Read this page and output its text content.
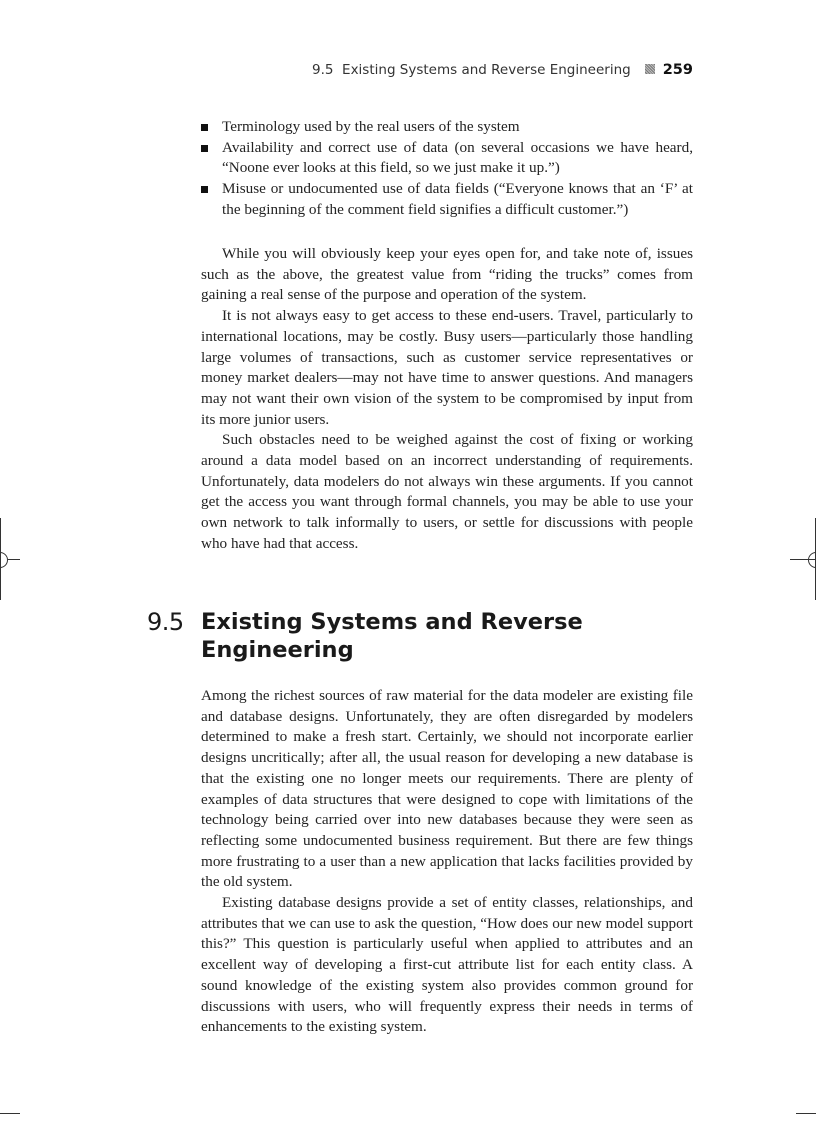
9.5  Existing Systems and Reverse Engineering 259
Terminology used by the real users of the system
Availability and correct use of data (on several occasions we have heard, “Noone ever looks at this field, so we just make it up.”)
Misuse or undocumented use of data fields (“Everyone knows that an ‘F’ at the beginning of the comment field signifies a difficult customer.”)

While you will obviously keep your eyes open for, and take note of, issues such as the above, the greatest value from “riding the trucks” comes from gaining a real sense of the purpose and operation of the system.

It is not always easy to get access to these end-users. Travel, particularly to international locations, may be costly. Busy users—particularly those handling large volumes of transactions, such as customer service representatives or money market dealers—may not have time to answer questions. And managers may not want their own vision of the system to be compromised by input from its more junior users.

Such obstacles need to be weighed against the cost of fixing or working around a data model based on an incorrect understanding of requirements. Unfortunately, data modelers do not always win these arguments. If you cannot get the access you want through formal channels, you may be able to use your own network to talk informally to users, or settle for discussions with people who have had that access.

9.5 Existing Systems and Reverse Engineering

Among the richest sources of raw material for the data modeler are existing file and database designs. Unfortunately, they are often disregarded by modelers determined to make a fresh start. Certainly, we should not incorporate earlier designs uncritically; after all, the usual reason for developing a new database is that the existing one no longer meets our requirements. There are plenty of examples of data structures that were designed to cope with limitations of the technology being carried over into new databases because they were seen as reflecting some undocumented business requirement. But there are few things more frustrating to a user than a new application that lacks facilities provided by the old system.

Existing database designs provide a set of entity classes, relationships, and attributes that we can use to ask the question, “How does our new model support this?” This question is particularly useful when applied to attributes and an excellent way of developing a first-cut attribute list for each entity class. A sound knowledge of the existing system also provides common ground for discussions with users, who will frequently express their needs in terms of enhancements to the existing system.
